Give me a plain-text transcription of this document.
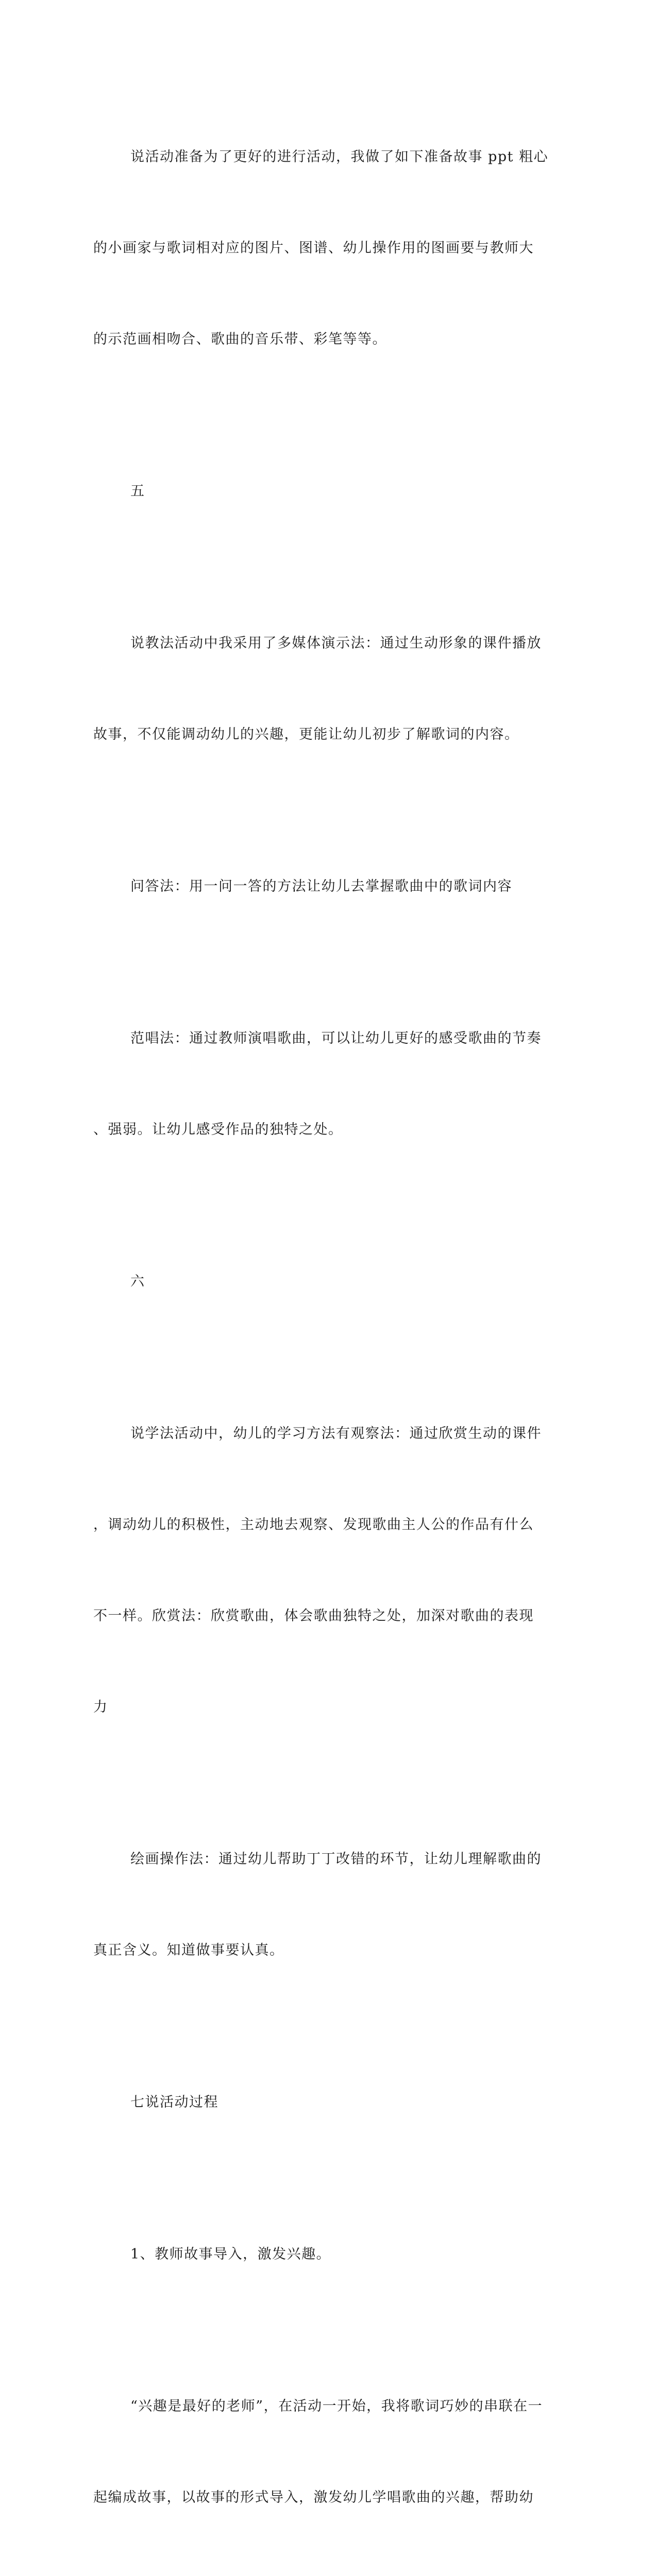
说活动准备为了更好的进行活动，我做了如下准备故事 ppt 粗心

的小画家与歌词相对应的图片、图谱、幼儿操作用的图画要与教师大

的示范画相吻合、歌曲的音乐带、彩笔等等。

五

说教法活动中我采用了多媒体演示法：通过生动形象的课件播放

故事，不仅能调动幼儿的兴趣，更能让幼儿初步了解歌词的内容。

问答法：用一问一答的方法让幼儿去掌握歌曲中的歌词内容

范唱法：通过教师演唱歌曲，可以让幼儿更好的感受歌曲的节奏

、强弱。让幼儿感受作品的独特之处。

六

说学法活动中，幼儿的学习方法有观察法：通过欣赏生动的课件

，调动幼儿的积极性，主动地去观察、发现歌曲主人公的作品有什么

不一样。欣赏法：欣赏歌曲，体会歌曲独特之处，加深对歌曲的表现

力

绘画操作法：通过幼儿帮助丁丁改错的环节，让幼儿理解歌曲的

真正含义。知道做事要认真。

七说活动过程

1、教师故事导入，激发兴趣。

“兴趣是最好的老师”，在活动一开始，我将歌词巧妙的串联在一

起编成故事，以故事的形式导入，激发幼儿学唱歌曲的兴趣，帮助幼
